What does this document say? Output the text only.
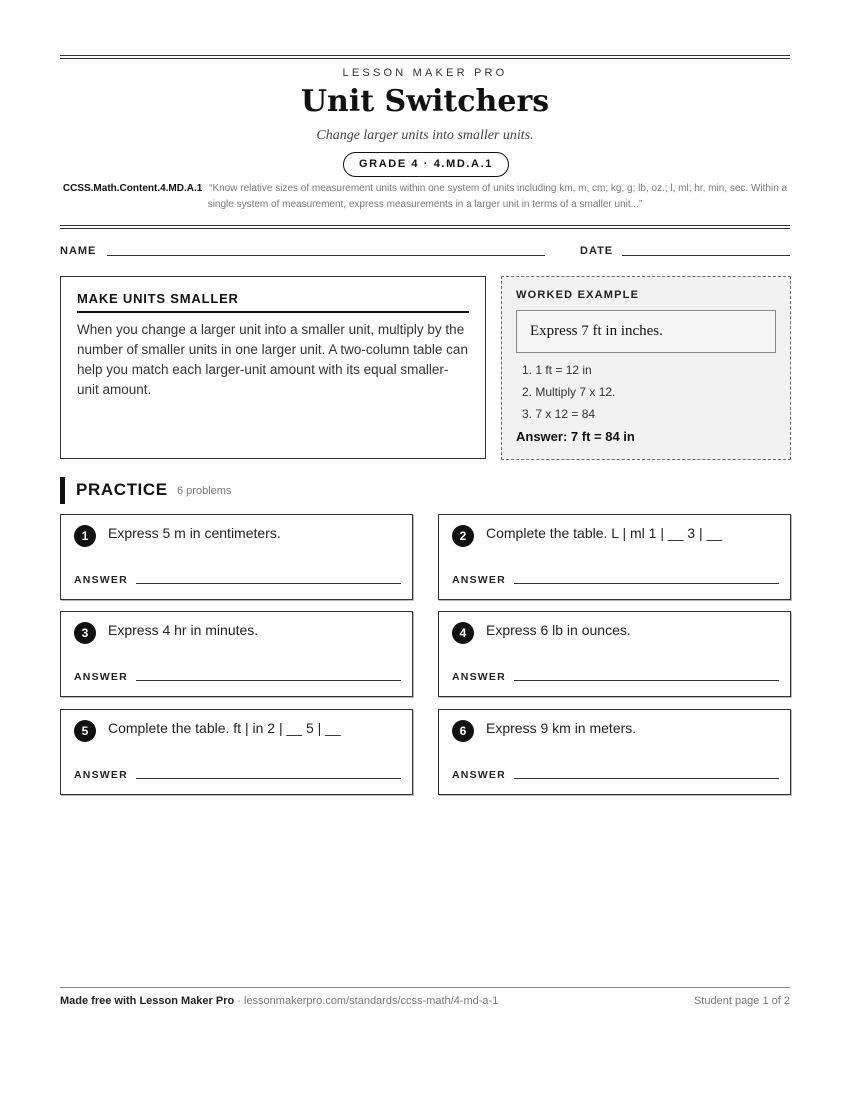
LESSON MAKER PRO
Unit Switchers
Change larger units into smaller units.
GRADE 4 · 4.MD.A.1
CCSS.Math.Content.4.MD.A.1 “Know relative sizes of measurement units within one system of units including km, m, cm; kg, g; lb, oz.; l, ml; hr, min, sec. Within a single system of measurement, express measurements in a larger unit in terms of a smaller unit...”
NAME	DATE
MAKE UNITS SMALLER
When you change a larger unit into a smaller unit, multiply by the number of smaller units in one larger unit. A two-column table can help you match each larger-unit amount with its equal smaller-unit amount.
WORKED EXAMPLE
Express 7 ft in inches.
1. 1 ft = 12 in
2. Multiply 7 x 12.
3. 7 x 12 = 84
Answer: 7 ft = 84 in
PRACTICE 6 problems
1	Express 5 m in centimeters.
ANSWER
2	Complete the table. L | ml 1 | __ 3 | __
ANSWER
3	Express 4 hr in minutes.
ANSWER
4	Express 6 lb in ounces.
ANSWER
5	Complete the table. ft | in 2 | __ 5 | __
ANSWER
6	Express 9 km in meters.
ANSWER
Made free with Lesson Maker Pro · lessonmakerpro.com/standards/ccss-math/4-md-a-1	Student page 1 of 2
